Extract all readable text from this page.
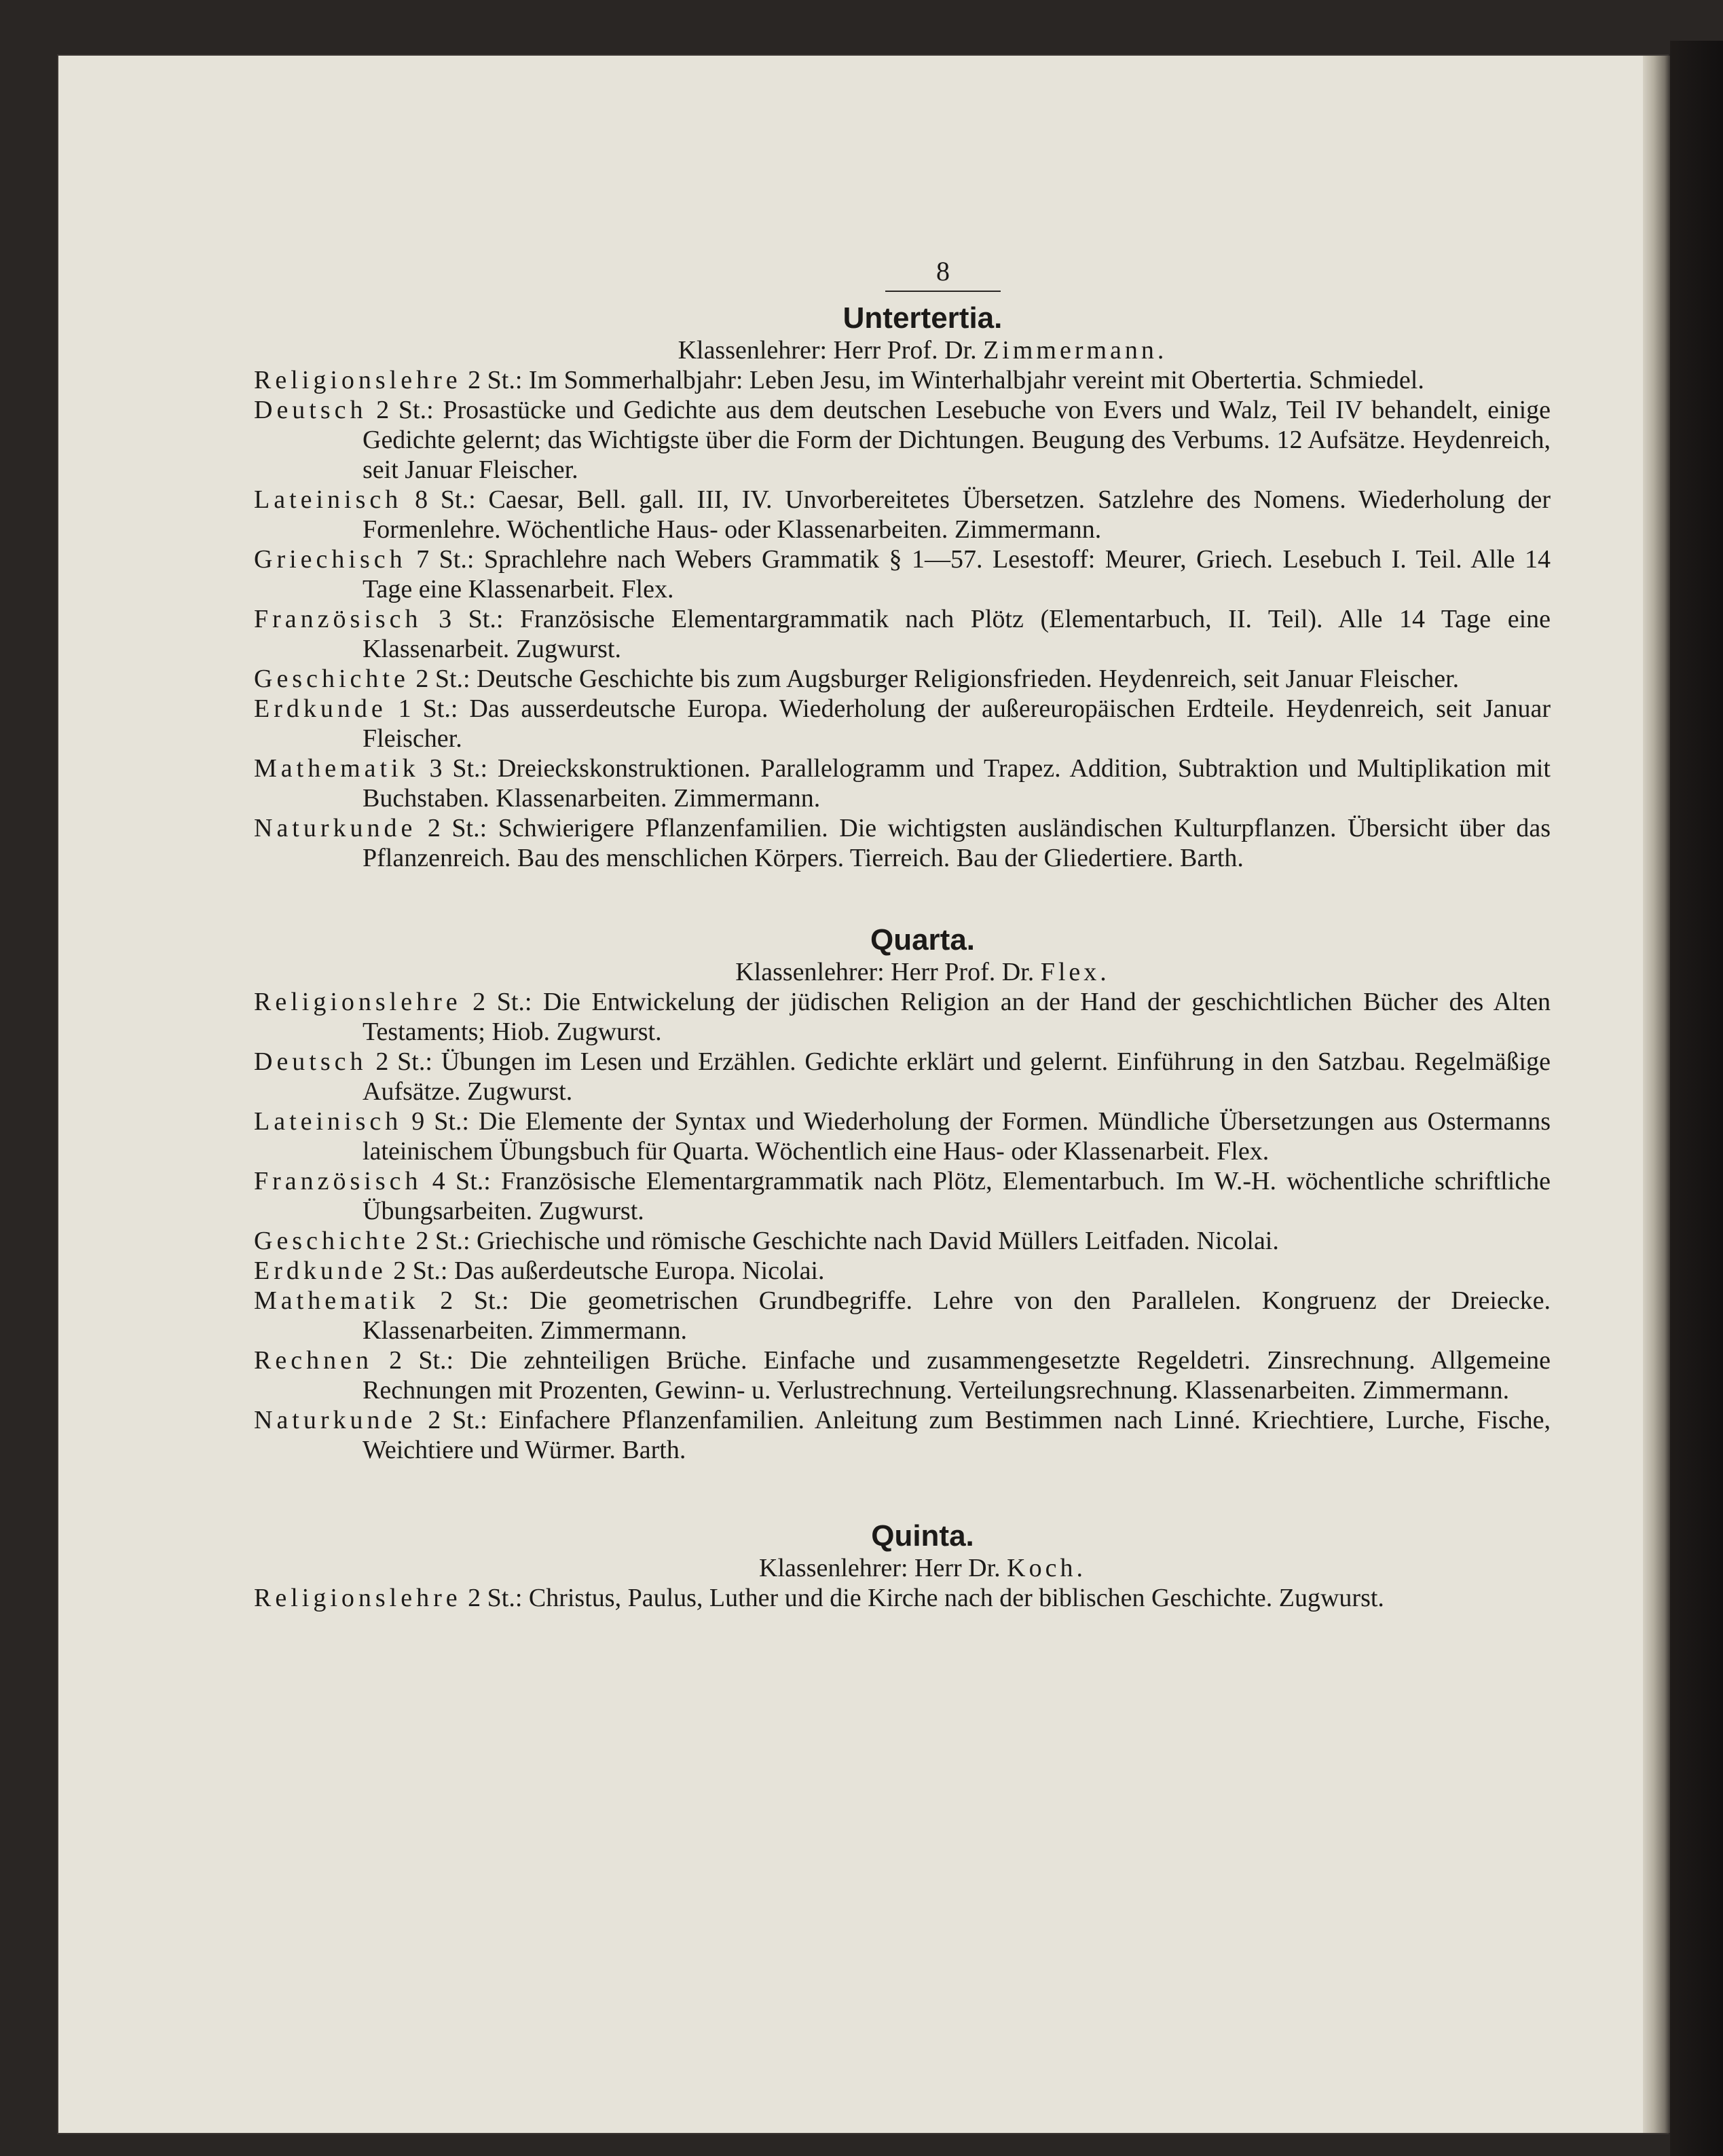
8
Untertertia.
Klassenlehrer: Herr Prof. Dr. Zimmermann.

Religionslehre 2 St.: Im Sommerhalbjahr: Leben Jesu, im Winterhalbjahr vereint mit Obertertia. Schmiedel.

Deutsch 2 St.: Prosastücke und Gedichte aus dem deutschen Lesebuche von Evers und Walz, Teil IV behandelt, einige Gedichte gelernt; das Wichtigste über die Form der Dichtungen. Beugung des Verbums. 12 Aufsätze. Heydenreich, seit Januar Fleischer.

Lateinisch 8 St.: Caesar, Bell. gall. III, IV. Unvorbereitetes Übersetzen. Satzlehre des Nomens. Wiederholung der Formenlehre. Wöchentliche Haus- oder Klassenarbeiten. Zimmermann.

Griechisch 7 St.: Sprachlehre nach Webers Grammatik § 1—57. Lesestoff: Meurer, Griech. Lesebuch I. Teil. Alle 14 Tage eine Klassenarbeit. Flex.

Französisch 3 St.: Französische Elementargrammatik nach Plötz (Elementarbuch, II. Teil). Alle 14 Tage eine Klassenarbeit. Zugwurst.

Geschichte 2 St.: Deutsche Geschichte bis zum Augsburger Religionsfrieden. Heydenreich, seit Januar Fleischer.

Erdkunde 1 St.: Das ausserdeutsche Europa. Wiederholung der außereuropäischen Erdteile. Heydenreich, seit Januar Fleischer.

Mathematik 3 St.: Dreieckskonstruktionen. Parallelogramm und Trapez. Addition, Subtraktion und Multiplikation mit Buchstaben. Klassenarbeiten. Zimmermann.

Naturkunde 2 St.: Schwierigere Pflanzenfamilien. Die wichtigsten ausländischen Kulturpflanzen. Übersicht über das Pflanzenreich. Bau des menschlichen Körpers. Tierreich. Bau der Gliedertiere. Barth.

Quarta.
Klassenlehrer: Herr Prof. Dr. Flex.

Religionslehre 2 St.: Die Entwickelung der jüdischen Religion an der Hand der geschichtlichen Bücher des Alten Testaments; Hiob. Zugwurst.

Deutsch 2 St.: Übungen im Lesen und Erzählen. Gedichte erklärt und gelernt. Einführung in den Satzbau. Regelmäßige Aufsätze. Zugwurst.

Lateinisch 9 St.: Die Elemente der Syntax und Wiederholung der Formen. Mündliche Übersetzungen aus Ostermanns lateinischem Übungsbuch für Quarta. Wöchentlich eine Haus- oder Klassenarbeit. Flex.

Französisch 4 St.: Französische Elementargrammatik nach Plötz, Elementarbuch. Im W.-H. wöchentliche schriftliche Übungsarbeiten. Zugwurst.

Geschichte 2 St.: Griechische und römische Geschichte nach David Müllers Leitfaden. Nicolai.

Erdkunde 2 St.: Das außerdeutsche Europa. Nicolai.

Mathematik 2 St.: Die geometrischen Grundbegriffe. Lehre von den Parallelen. Kongruenz der Dreiecke. Klassenarbeiten. Zimmermann.

Rechnen 2 St.: Die zehnteiligen Brüche. Einfache und zusammengesetzte Regeldetri. Zinsrechnung. Allgemeine Rechnungen mit Prozenten, Gewinn- u. Verlustrechnung. Verteilungsrechnung. Klassenarbeiten. Zimmermann.

Naturkunde 2 St.: Einfachere Pflanzenfamilien. Anleitung zum Bestimmen nach Linné. Kriechtiere, Lurche, Fische, Weichtiere und Würmer. Barth.

Quinta.
Klassenlehrer: Herr Dr. Koch.

Religionslehre 2 St.: Christus, Paulus, Luther und die Kirche nach der biblischen Geschichte. Zugwurst.
